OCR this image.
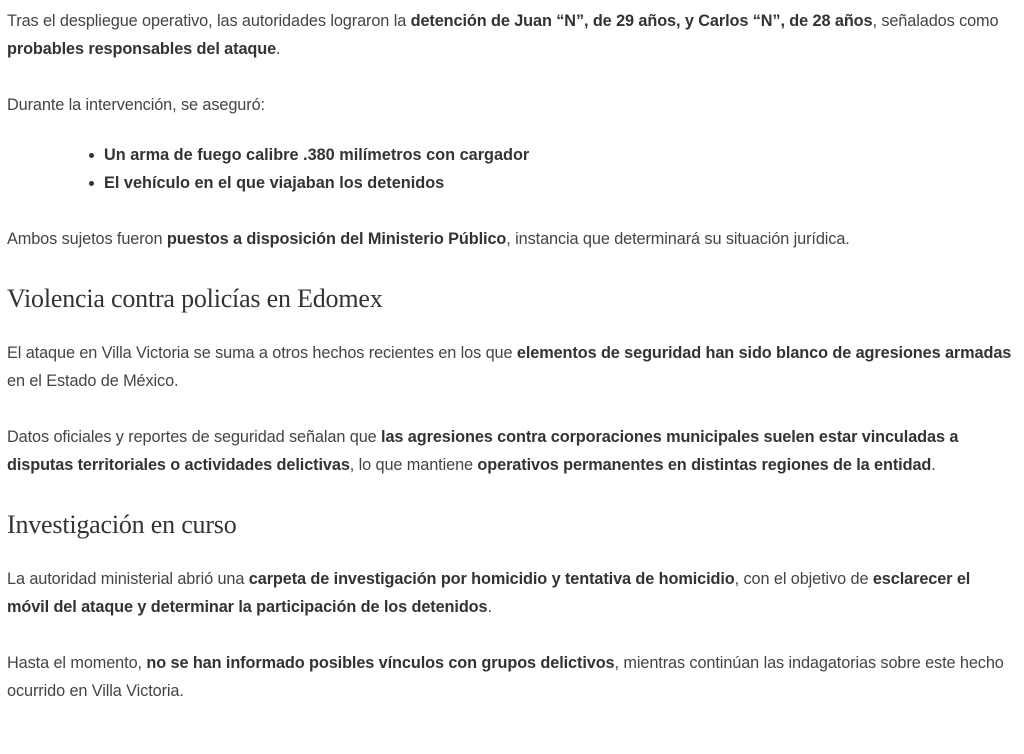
Tras el despliegue operativo, las autoridades lograron la detención de Juan “N”, de 29 años, y Carlos “N”, de 28 años, señalados como probables responsables del ataque.

Durante la intervención, se aseguró:

Un arma de fuego calibre .380 milímetros con cargador
El vehículo en el que viajaban los detenidos

Ambos sujetos fueron puestos a disposición del Ministerio Público, instancia que determinará su situación jurídica.

Violencia contra policías en Edomex

El ataque en Villa Victoria se suma a otros hechos recientes en los que elementos de seguridad han sido blanco de agresiones armadas en el Estado de México.

Datos oficiales y reportes de seguridad señalan que las agresiones contra corporaciones municipales suelen estar vinculadas a disputas territoriales o actividades delictivas, lo que mantiene operativos permanentes en distintas regiones de la entidad.

Investigación en curso

La autoridad ministerial abrió una carpeta de investigación por homicidio y tentativa de homicidio, con el objetivo de esclarecer el móvil del ataque y determinar la participación de los detenidos.

Hasta el momento, no se han informado posibles vínculos con grupos delictivos, mientras continúan las indagatorias sobre este hecho ocurrido en Villa Victoria.
